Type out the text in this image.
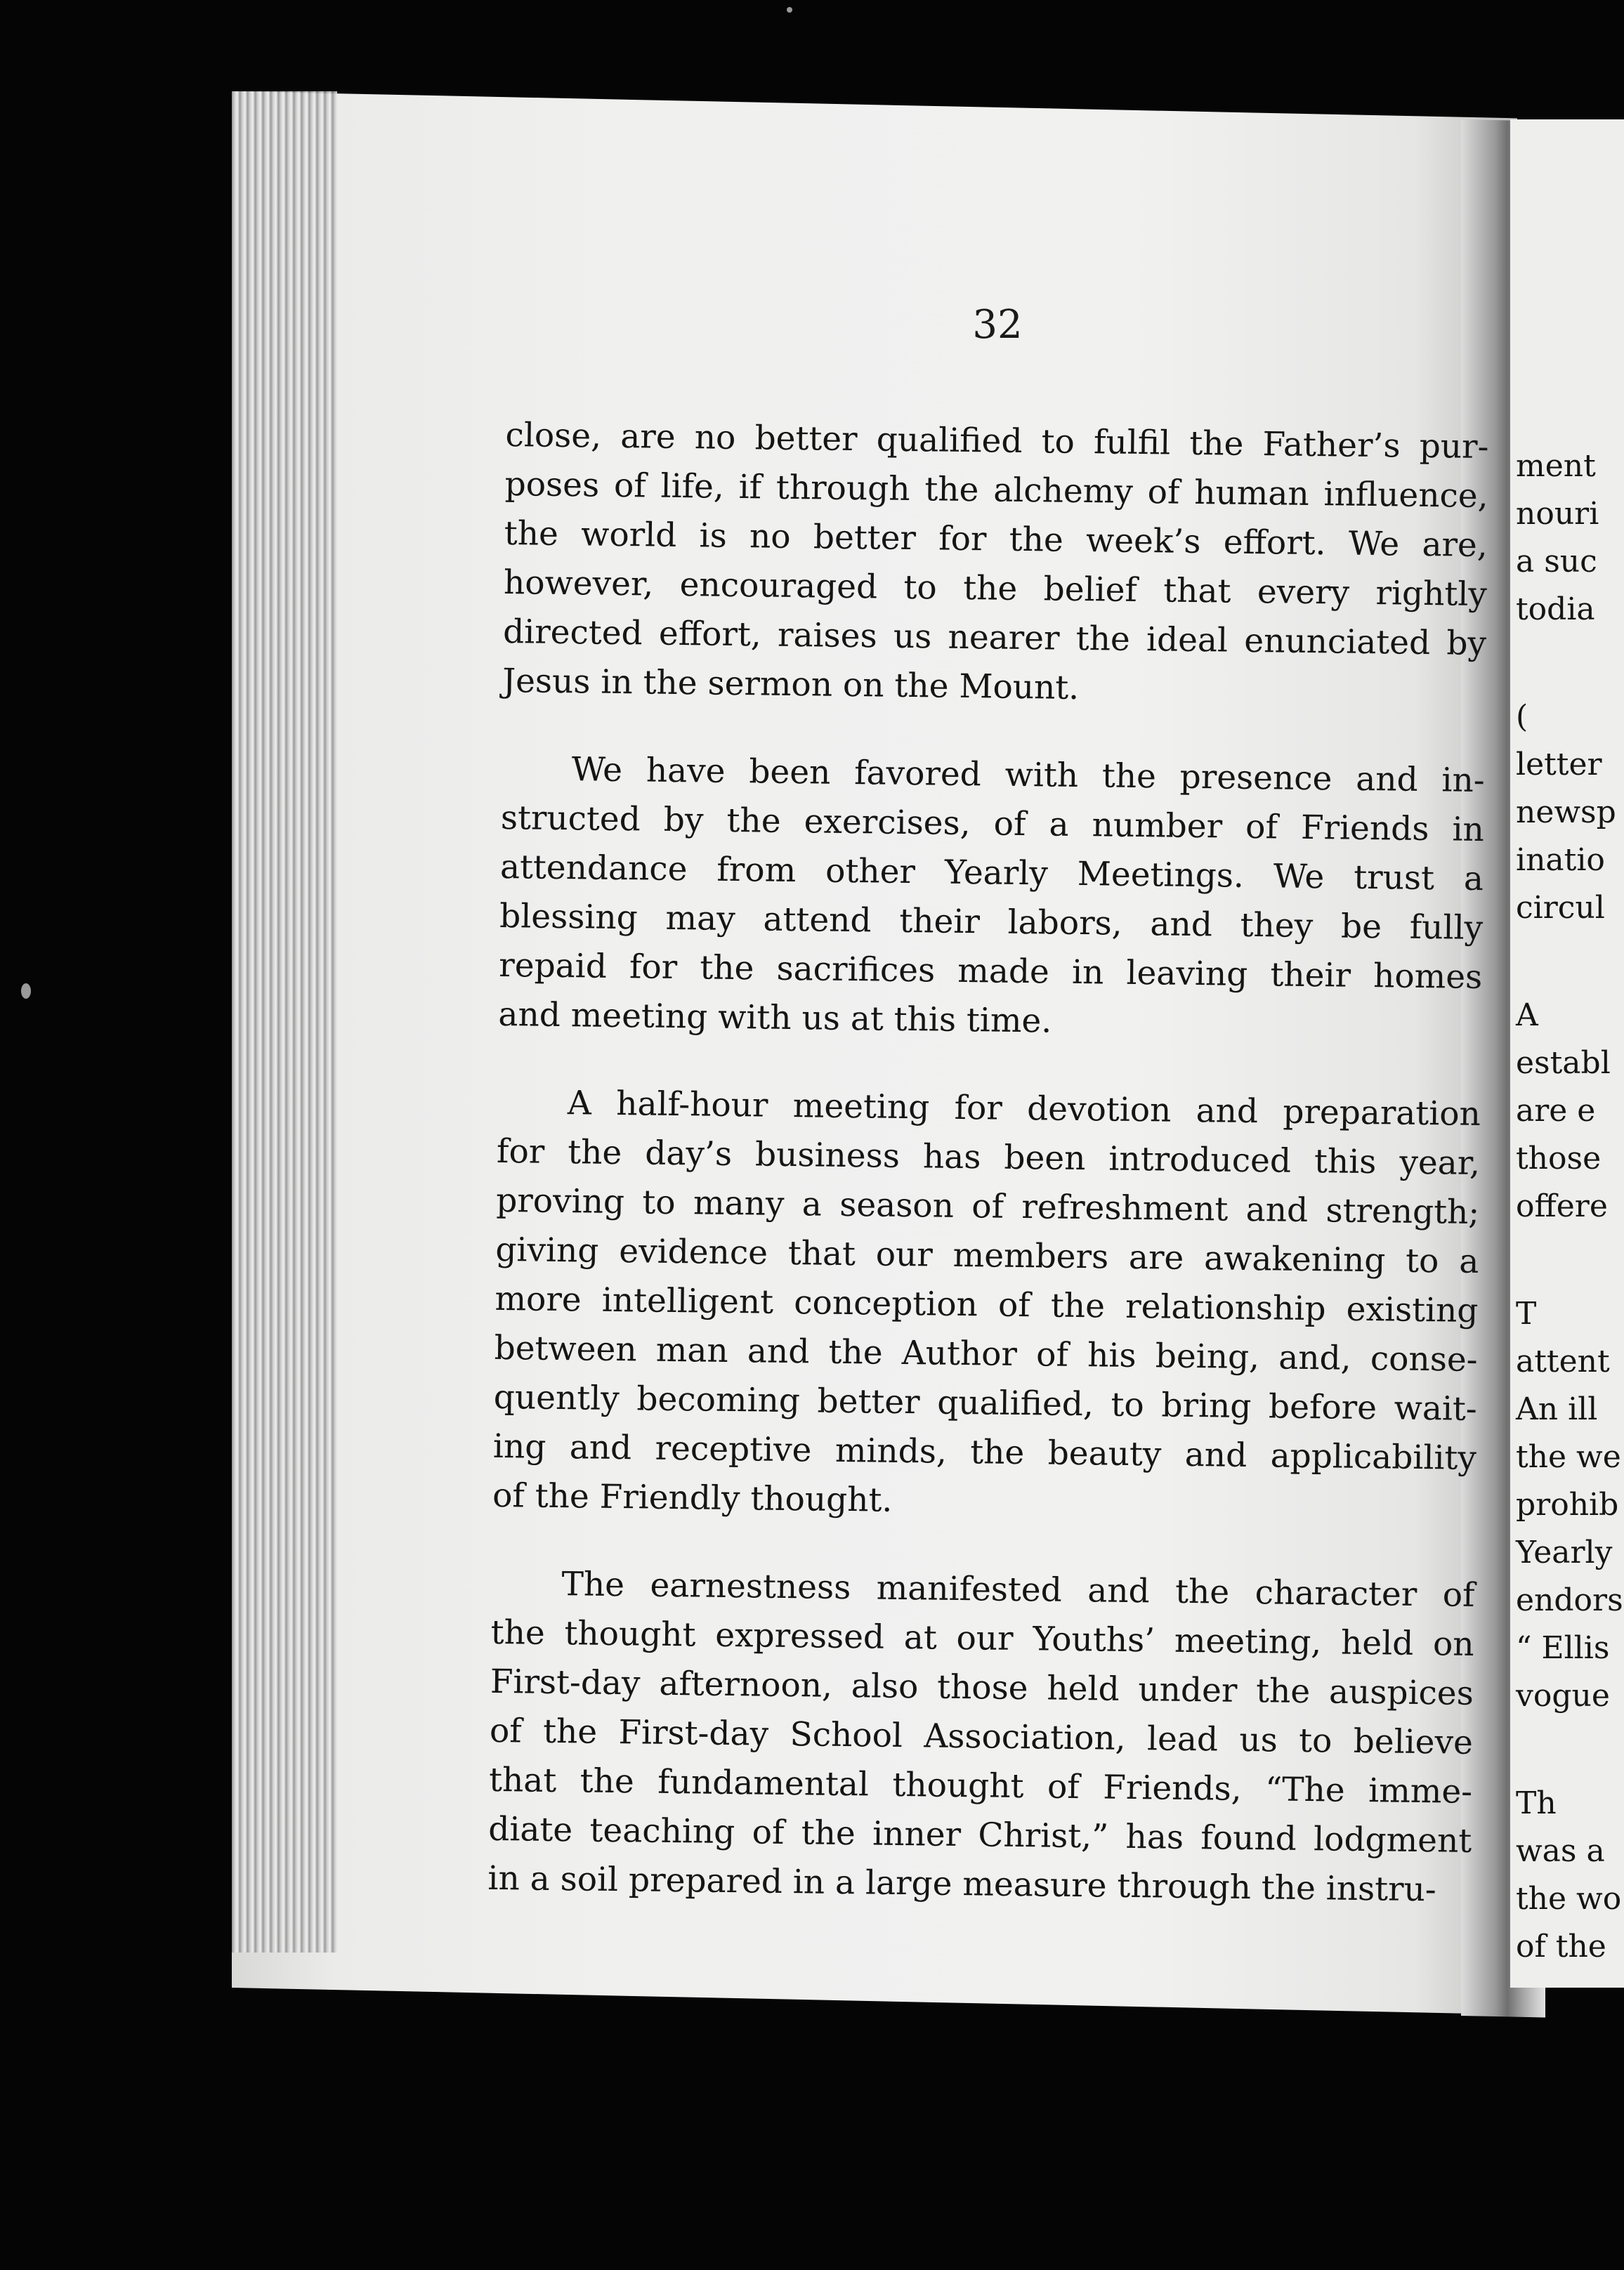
32
close, are no better qualified to fulfil the Father’s pur-
poses of life, if through the alchemy of human influence,
the world is no better for the week’s effort. We are,
however, encouraged to the belief that every rightly
directed effort, raises us nearer the ideal enunciated by
Jesus in the sermon on the Mount.
We have been favored with the presence and in-
structed by the exercises, of a number of Friends in
attendance from other Yearly Meetings. We trust a
blessing may attend their labors, and they be fully
repaid for the sacrifices made in leaving their homes
and meeting with us at this time.
A half-hour meeting for devotion and preparation
for the day’s business has been introduced this year,
proving to many a season of refreshment and strength;
giving evidence that our members are awakening to a
more intelligent conception of the relationship existing
between man and the Author of his being, and, conse-
quently becoming better qualified, to bring before wait-
ing and receptive minds, the beauty and applicability
of the Friendly thought.
The earnestness manifested and the character of
the thought expressed at our Youths’ meeting, held on
First-day afternoon, also those held under the auspices
of the First-day School Association, lead us to believe
that the fundamental thought of Friends, “The imme-
diate teaching of the inner Christ,” has found lodgment
in a soil prepared in a large measure through the instru-
ment
nouri
a suc
todia
(
letter
newsp
inatio
circul
A
establ
are e
those
offere
T
attent
An ill
the we
prohib
Yearly
endors
“ Ellis
vogue
Th
was a
the wo
of the
